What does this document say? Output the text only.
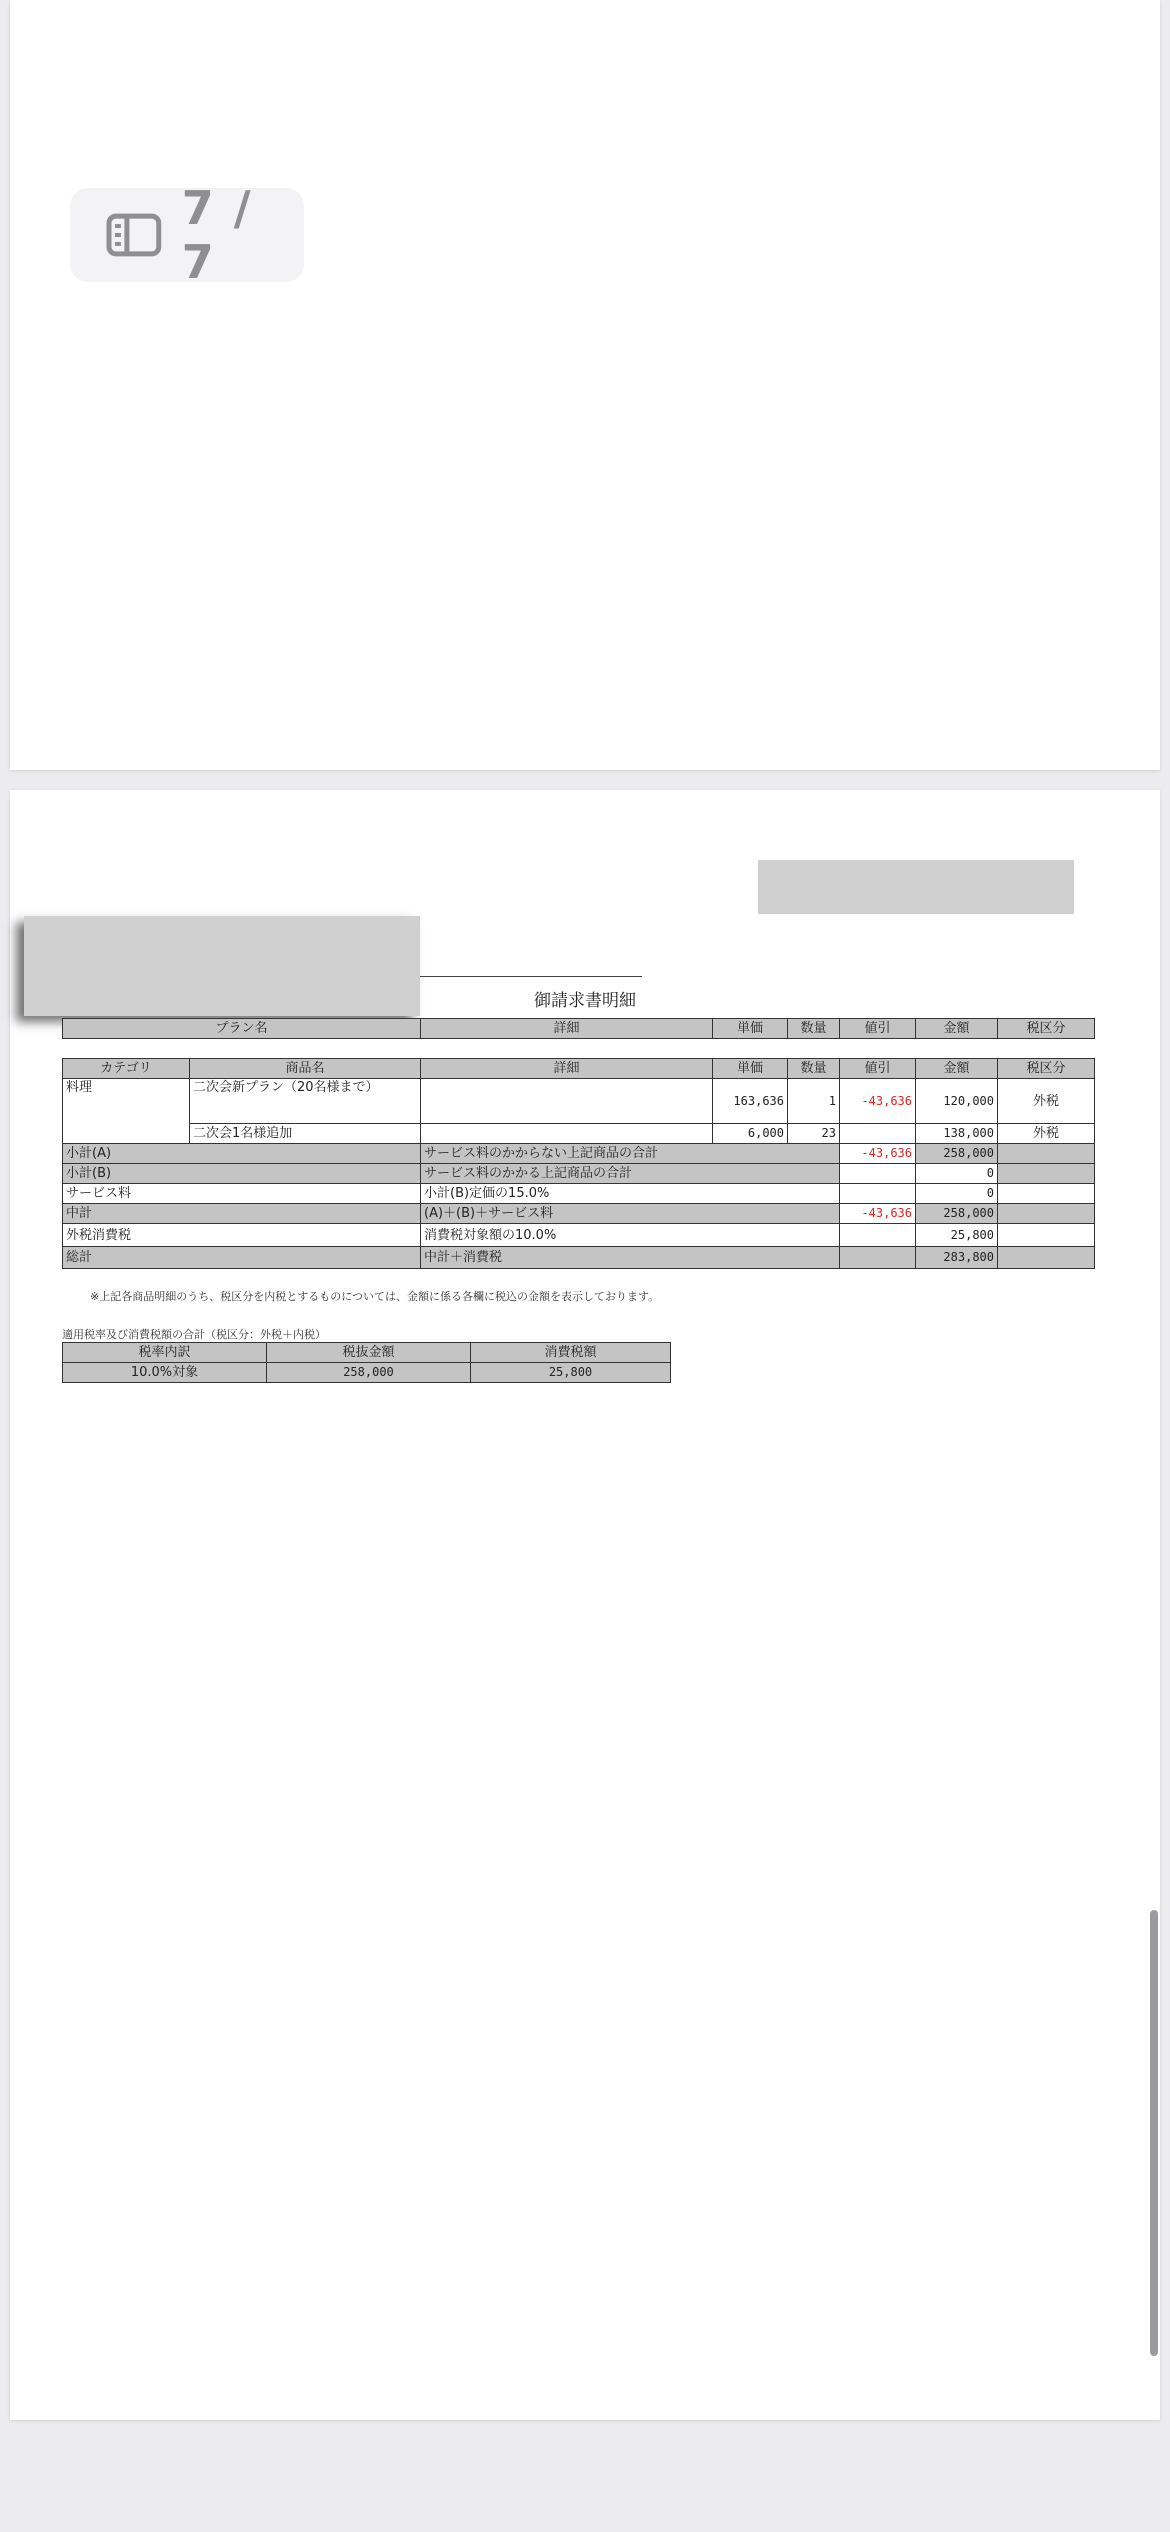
7 / 7
御請求書明細
プラン名	詳細	単価	数量	値引	金額	税区分
カテゴリ	商品名	詳細	単価	数量	値引	金額	税区分
料理	二次会新プラン（20名様まで）		163,636	1	-43,636	120,000	外税
	二次会1名様追加		6,000	23		138,000	外税
小計(A)		サービス料のかからない上記商品の合計			-43,636	258,000	
小計(B)		サービス料のかかる上記商品の合計				0	
サービス料		小計(B)定価の15.0%				0	
中計		(A)＋(B)＋サービス料			-43,636	258,000	
外税消費税		消費税対象額の10.0%				25,800	
総計		中計＋消費税				283,800	
※上記各商品明細のうち、税区分を内税とするものについては、金額に係る各欄に税込の金額を表示しております。
適用税率及び消費税額の合計（税区分：外税＋内税）
税率内訳	税抜金額	消費税額
10.0%対象	258,000	25,800
